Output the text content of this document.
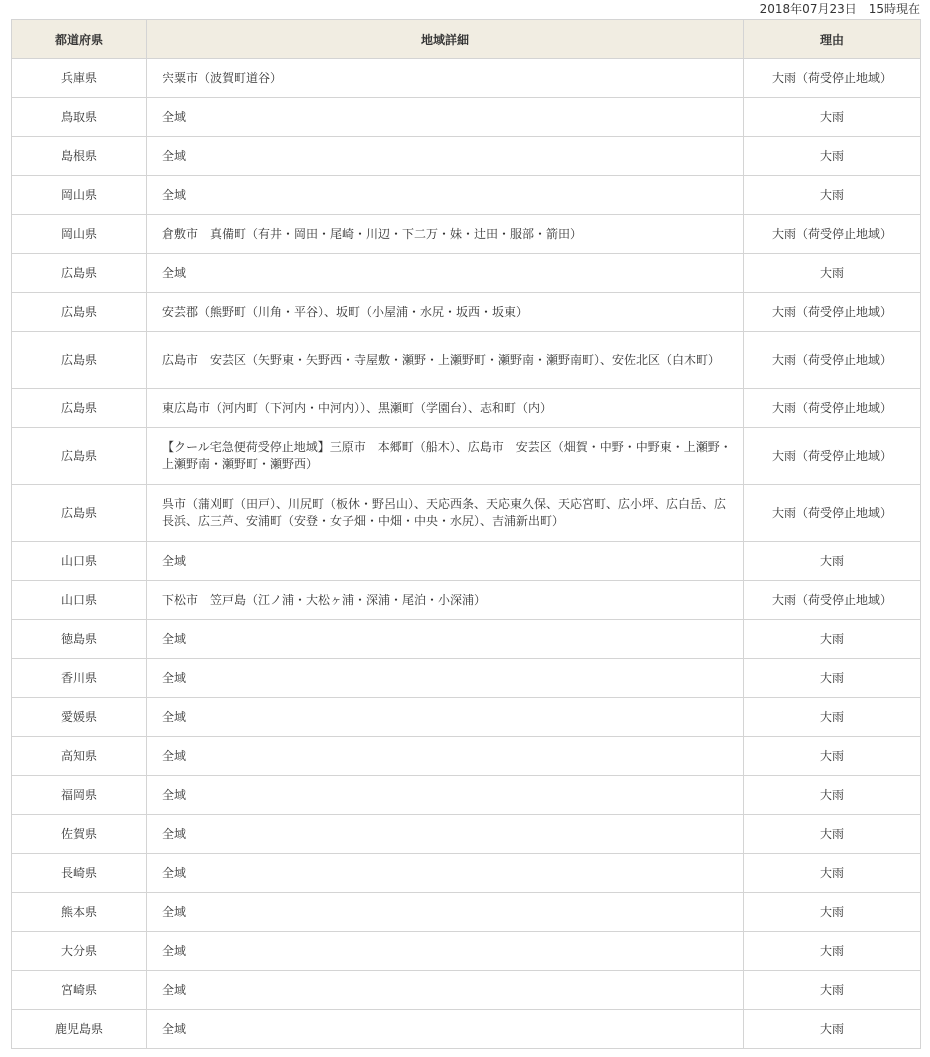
2018年07月23日　15時現在
都道府県	地域詳細	理由
兵庫県	宍粟市（波賀町道谷）	大雨（荷受停止地域）
鳥取県	全域	大雨
島根県	全域	大雨
岡山県	全域	大雨
岡山県	倉敷市　真備町（有井・岡田・尾崎・川辺・下二万・妹・辻田・服部・箭田）	大雨（荷受停止地域）
広島県	全域	大雨
広島県	安芸郡（熊野町（川角・平谷）、坂町（小屋浦・水尻・坂西・坂東）	大雨（荷受停止地域）
広島県	広島市　安芸区（矢野東・矢野西・寺屋敷・瀬野・上瀬野町・瀬野南・瀬野南町）、安佐北区（白木町）	大雨（荷受停止地域）
広島県	東広島市（河内町（下河内・中河内））、黒瀬町（学園台）、志和町（内）	大雨（荷受停止地域）
広島県	【クール宅急便荷受停止地域】三原市　本郷町（船木）、広島市　安芸区（畑賀・中野・中野東・上瀬野・上瀬野南・瀬野町・瀬野西）	大雨（荷受停止地域）
広島県	呉市（蒲刈町（田戸）、川尻町（板休・野呂山）、天応西条、天応東久保、天応宮町、広小坪、広白岳、広長浜、広三芦、安浦町（安登・女子畑・中畑・中央・水尻）、吉浦新出町）	大雨（荷受停止地域）
山口県	全域	大雨
山口県	下松市　笠戸島（江ノ浦・大松ヶ浦・深浦・尾泊・小深浦）	大雨（荷受停止地域）
徳島県	全域	大雨
香川県	全域	大雨
愛媛県	全域	大雨
高知県	全域	大雨
福岡県	全域	大雨
佐賀県	全域	大雨
長崎県	全域	大雨
熊本県	全域	大雨
大分県	全域	大雨
宮崎県	全域	大雨
鹿児島県	全域	大雨
